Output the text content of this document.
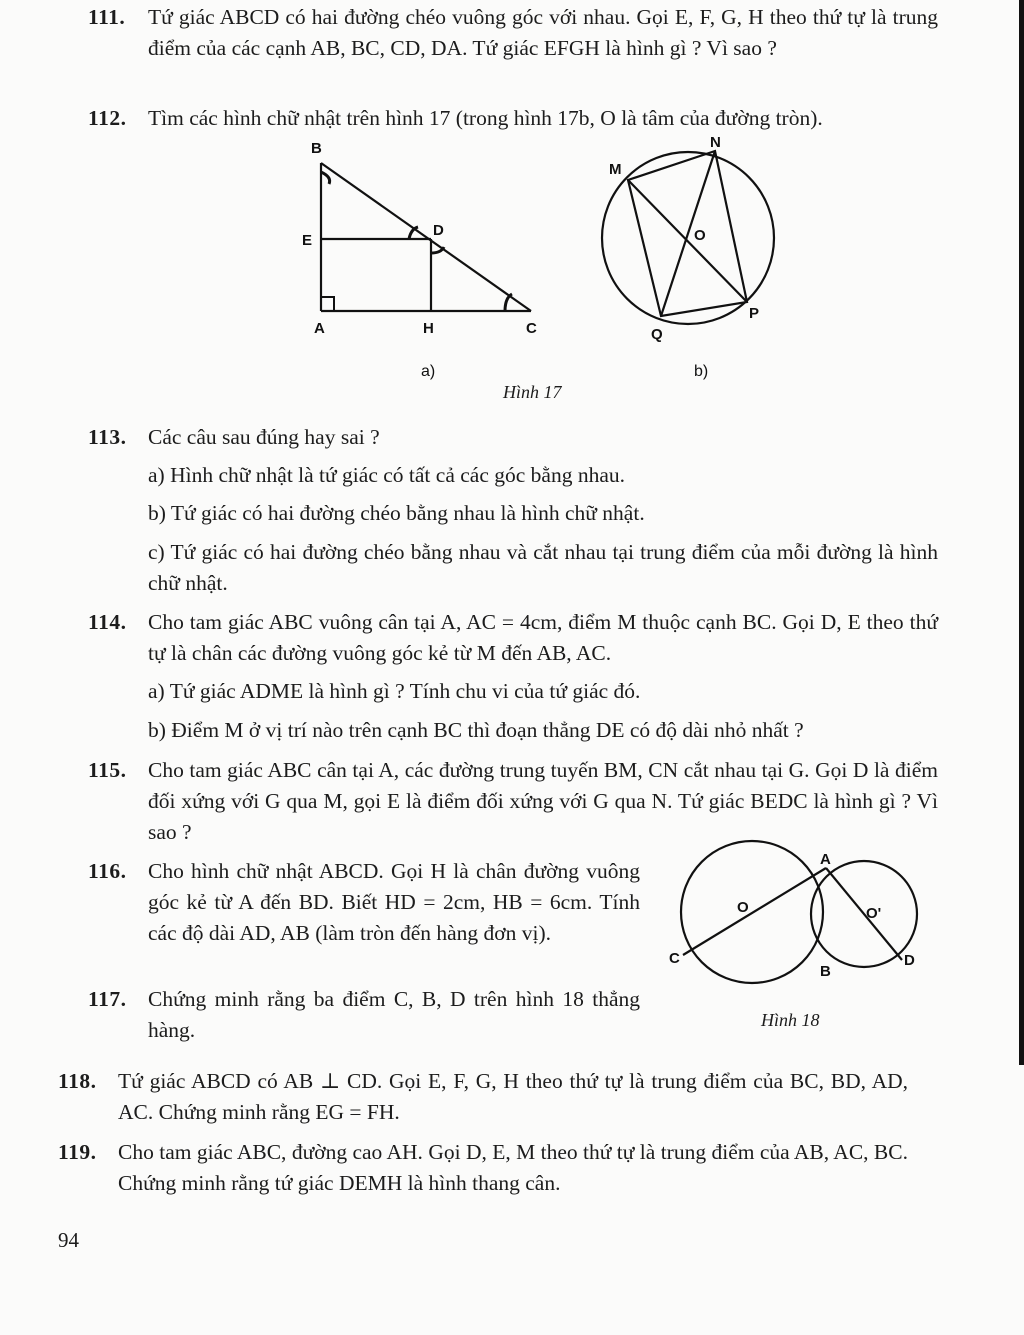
111. Tứ giác ABCD có hai đường chéo vuông góc với nhau. Gọi E, F, G, H theo thứ tự là trung điểm của các cạnh AB, BC, CD, DA. Tứ giác EFGH là hình gì ? Vì sao ?
112. Tìm các hình chữ nhật trên hình 17 (trong hình 17b, O là tâm của đường tròn).
B
E
D
A	H	C
a)
M
N
O
P
Q
b)
Hình 17
113. Các câu sau đúng hay sai ?
a) Hình chữ nhật là tứ giác có tất cả các góc bằng nhau.
b) Tứ giác có hai đường chéo bằng nhau là hình chữ nhật.
c) Tứ giác có hai đường chéo bằng nhau và cắt nhau tại trung điểm của mỗi đường là hình chữ nhật.
114. Cho tam giác ABC vuông cân tại A, AC = 4cm, điểm M thuộc cạnh BC. Gọi D, E theo thứ tự là chân các đường vuông góc kẻ từ M đến AB, AC.
a) Tứ giác ADME là hình gì ? Tính chu vi của tứ giác đó.
b) Điểm M ở vị trí nào trên cạnh BC thì đoạn thẳng DE có độ dài nhỏ nhất ?
115. Cho tam giác ABC cân tại A, các đường trung tuyến BM, CN cắt nhau tại G. Gọi D là điểm đối xứng với G qua M, gọi E là điểm đối xứng với G qua N. Tứ giác BEDC là hình gì ? Vì sao ?
116. Cho hình chữ nhật ABCD. Gọi H là chân đường vuông góc kẻ từ A đến BD. Biết HD = 2cm, HB = 6cm. Tính các độ dài AD, AB (làm tròn đến hàng đơn vị).
117. Chứng minh rằng ba điểm C, B, D trên hình 18 thẳng hàng.
A
O	O'
C
B
D
Hình 18
118. Tứ giác ABCD có AB ⊥ CD. Gọi E, F, G, H theo thứ tự là trung điểm của BC, BD, AD, AC. Chứng minh rằng EG = FH.
119. Cho tam giác ABC, đường cao AH. Gọi D, E, M theo thứ tự là trung điểm của AB, AC, BC. Chứng minh rằng tứ giác DEMH là hình thang cân.
94
